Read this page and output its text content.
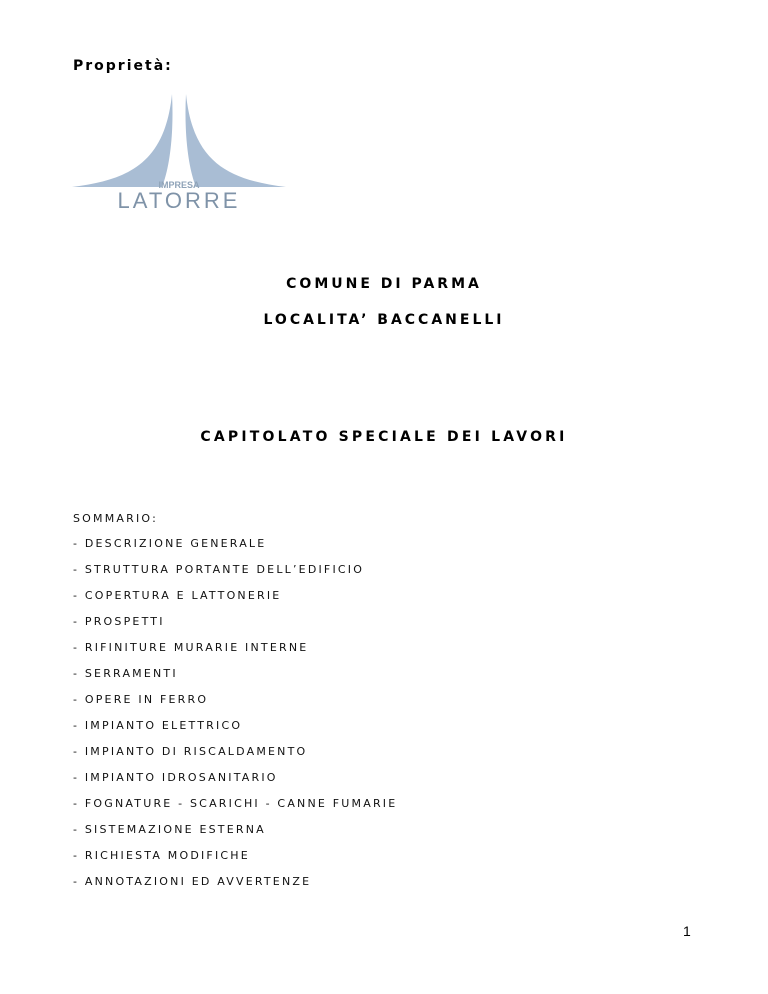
Proprietà:
IMPRESA
LATORRE
COMUNE DI PARMA
LOCALITA’ BACCANELLI
CAPITOLATO SPECIALE DEI LAVORI
SOMMARIO:
- DESCRIZIONE GENERALE
- STRUTTURA PORTANTE DELL’EDIFICIO
- COPERTURA E LATTONERIE
- PROSPETTI
- RIFINITURE MURARIE INTERNE
- SERRAMENTI
- OPERE IN FERRO
- IMPIANTO ELETTRICO
- IMPIANTO DI RISCALDAMENTO
- IMPIANTO IDROSANITARIO
- FOGNATURE - SCARICHI - CANNE FUMARIE
- SISTEMAZIONE ESTERNA
- RICHIESTA MODIFICHE
- ANNOTAZIONI ED AVVERTENZE
1
